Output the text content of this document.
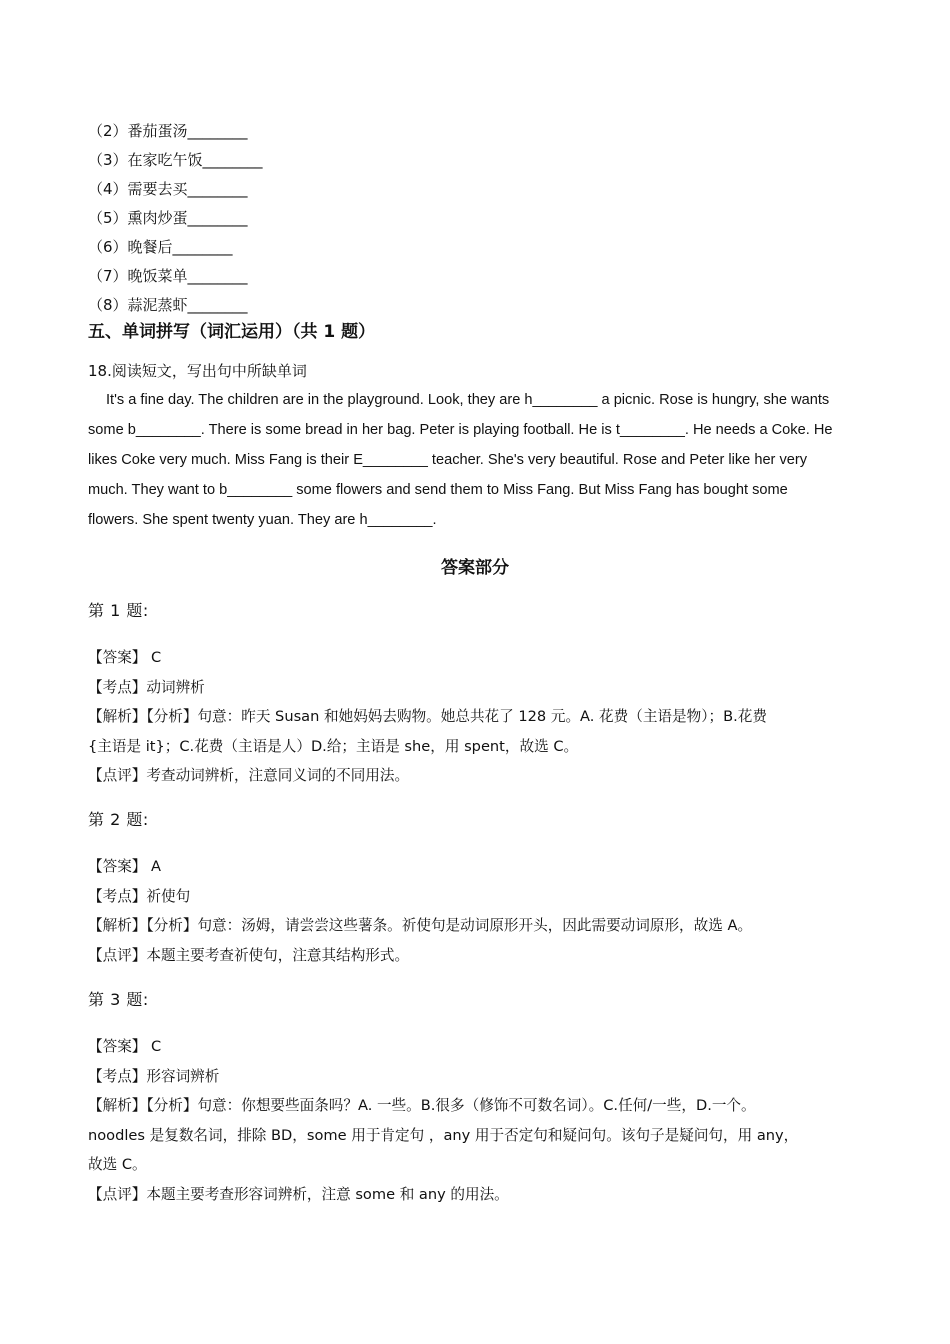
（2）番茄蛋汤________
（3）在家吃午饭________
（4）需要去买________
（5）熏肉炒蛋________
（6）晚餐后________
（7）晚饭菜单________
（8）蒜泥蒸虾________
五、单词拼写（词汇运用）（共 1 题）
18.阅读短文，写出句中所缺单词
It's a fine day. The children are in the playground. Look, they are h________ a picnic. Rose is hungry, she wants
some b________. There is some bread in her bag. Peter is playing football. He is t________. He needs a Coke. He
likes Coke very much. Miss Fang is their E________ teacher. She's very beautiful. Rose and Peter like her very
much. They want to b________ some flowers and send them to Miss Fang. But Miss Fang has bought some
flowers. She spent twenty yuan. They are h________.
答案部分
第 1 题:
【答案】 C
【考点】动词辨析
【解析】【分析】句意：昨天 Susan 和她妈妈去购物。她总共花了 128 元。A. 花费（主语是物）；B.花费
{主语是 it}；C.花费（主语是人）D.给；主语是 she，用 spent，故选 C。
【点评】考查动词辨析，注意同义词的不同用法。
第 2 题:
【答案】 A
【考点】祈使句
【解析】【分析】句意：汤姆，请尝尝这些薯条。祈使句是动词原形开头，因此需要动词原形，故选 A。
【点评】本题主要考查祈使句，注意其结构形式。
第 3 题:
【答案】 C
【考点】形容词辨析
【解析】【分析】句意：你想要些面条吗？A. 一些。B.很多（修饰不可数名词）。C.任何/一些，D.一个。
noodles 是复数名词，排除 BD，some 用于肯定句 ，any 用于否定句和疑问句。该句子是疑问句，用 any，
故选 C。
【点评】本题主要考查形容词辨析，注意 some 和 any 的用法。
